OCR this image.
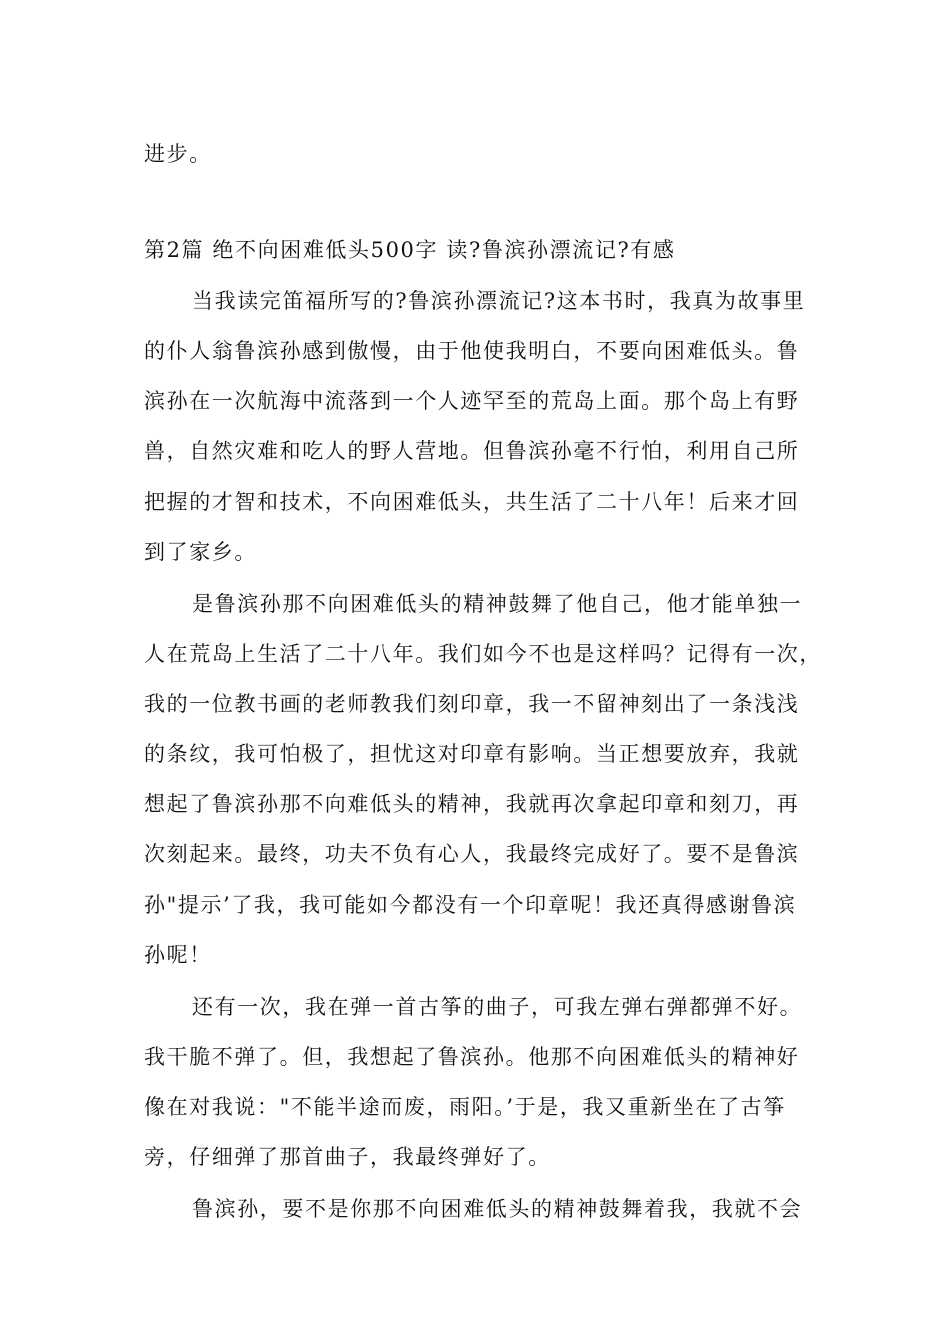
进步。
第2篇 绝不向困难低头500字 读?鲁滨孙漂流记?有感
当我读完笛福所写的?鲁滨孙漂流记?这本书时，我真为故事里
的仆人翁鲁滨孙感到傲慢，由于他使我明白，不要向困难低头。鲁
滨孙在一次航海中流落到一个人迹罕至的荒岛上面。那个岛上有野
兽，自然灾难和吃人的野人营地。但鲁滨孙毫不行怕，利用自己所
把握的才智和技术，不向困难低头，共生活了二十八年！后来才回
到了家乡。
是鲁滨孙那不向困难低头的精神鼓舞了他自己，他才能单独一
人在荒岛上生活了二十八年。我们如今不也是这样吗？记得有一次，
我的一位教书画的老师教我们刻印章，我一不留神刻出了一条浅浅
的条纹，我可怕极了，担忧这对印章有影响。当正想要放弃，我就
想起了鲁滨孙那不向难低头的精神，我就再次拿起印章和刻刀，再
次刻起来。最终，功夫不负有心人，我最终完成好了。要不是鲁滨
孙"提示’了我，我可能如今都没有一个印章呢！我还真得感谢鲁滨
孙呢！
还有一次，我在弹一首古筝的曲子，可我左弹右弹都弹不好。
我干脆不弹了。但，我想起了鲁滨孙。他那不向困难低头的精神好
像在对我说："不能半途而废，雨阳。’于是，我又重新坐在了古筝
旁，仔细弹了那首曲子，我最终弹好了。
鲁滨孙，要不是你那不向困难低头的精神鼓舞着我，我就不会
